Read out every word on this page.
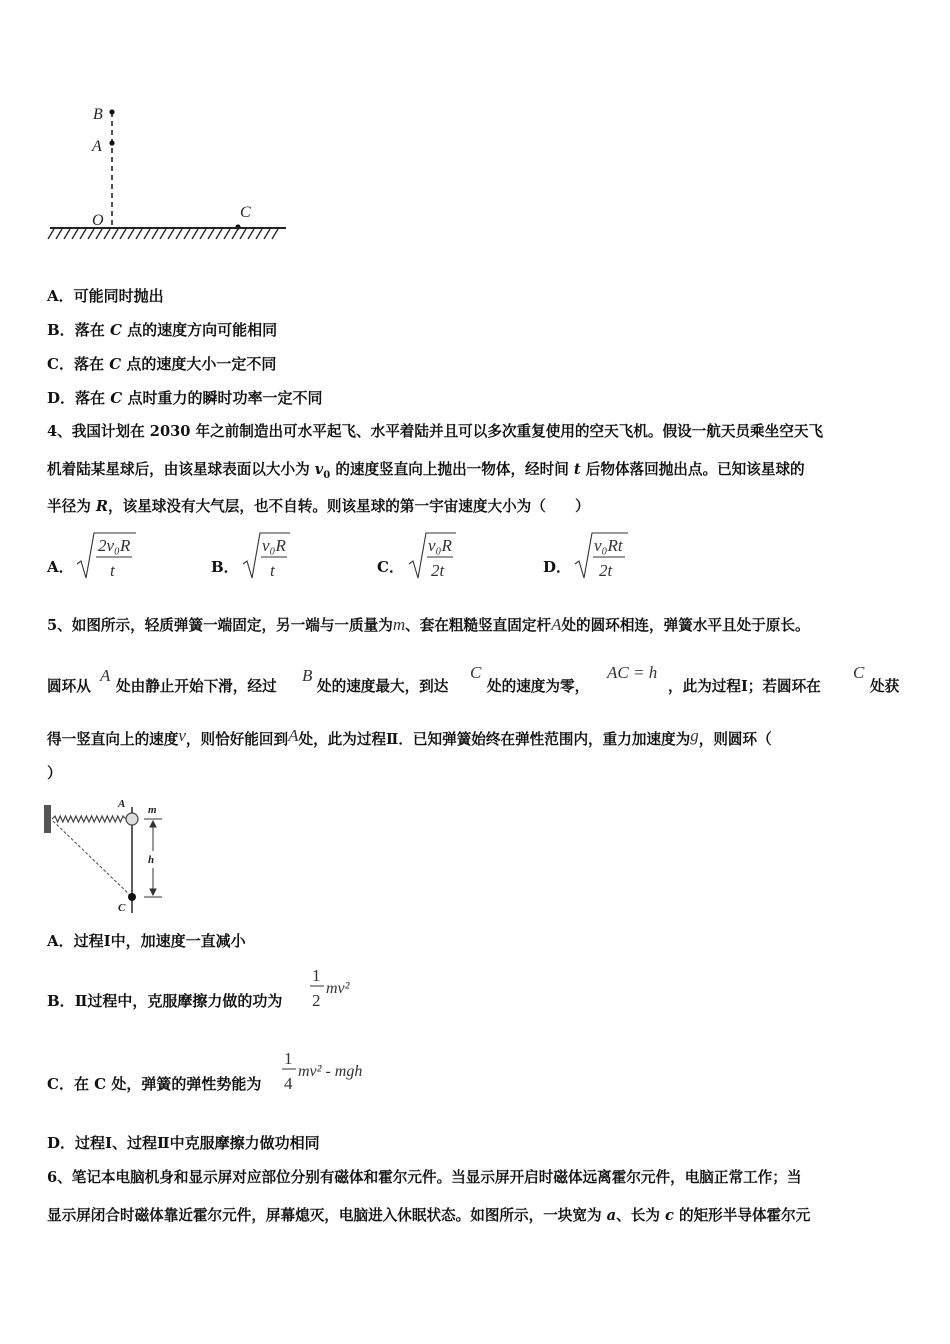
B
A
O	C
A．可能同时抛出
B．落在 C 点的速度方向可能相同
C．落在 C 点的速度大小一定不同
D．落在 C 点时重力的瞬时功率一定不同
4、我国计划在 2030 年之前制造出可水平起飞、水平着陆并且可以多次重复使用的空天飞机。假设一航天员乘坐空天飞
机着陆某星球后，由该星球表面以大小为 $v_0$ 的速度竖直向上抛出一物体，经时间 t 后物体落回抛出点。已知该星球的
半径为 R，该星球没有大气层，也不自转。则该星球的第一宇宙速度大小为（　　）
A．
2v₀R
t	B．
v₀R
t	C．
v₀R
2t	D．
v₀Rt
2t
5、如图所示，轻质弹簧一端固定，另一端与一质量为m、套在粗糙竖直固定杆A处的圆环相连，弹簧水平且处于原长。
圆环从
A
处由静止开始下滑，经过
B
处的速度最大，到达
C
处的速度为零，
AC = h
，此为过程Ⅰ；若圆环在
C
处获
得一竖直向上的速度v，则恰好能回到A处，此为过程Ⅱ．已知弹簧始终在弹性范围内，重力加速度为g，则圆环（
）
A m
h
C
A．过程Ⅰ中，加速度一直减小
B．Ⅱ过程中，克服摩擦力做的功为
1
2
mv²
C．在 C 处，弹簧的弹性势能为
1
4
mv² - mgh
D．过程Ⅰ、过程Ⅱ中克服摩擦力做功相同
6、笔记本电脑机身和显示屏对应部位分别有磁体和霍尔元件。当显示屏开启时磁体远离霍尔元件，电脑正常工作；当
显示屏闭合时磁体靠近霍尔元件，屏幕熄灭，电脑进入休眠状态。如图所示，一块宽为 a、长为 c 的矩形半导体霍尔元
